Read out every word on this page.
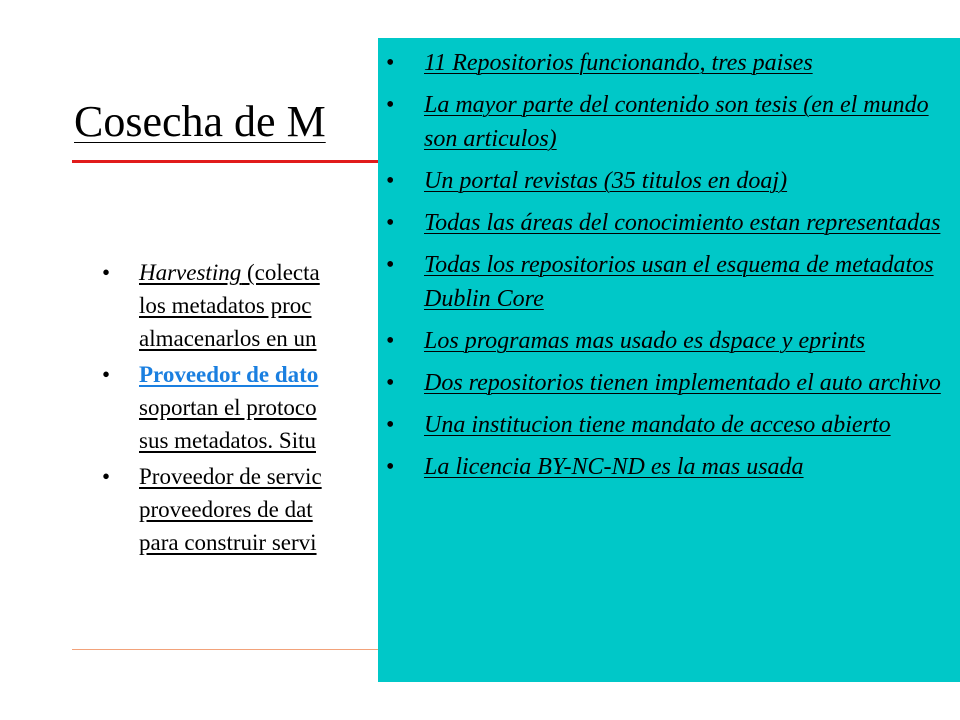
Cosecha de M
• Harvesting (colecta
los metadatos proc
almacenarlos en un
• Proveedor de dato
soportan el protoco
sus metadatos. Situ
• Proveedor de servic
proveedores de dat
para construir servi
• 11 Repositorios funcionando, tres paises
• La mayor parte del contenido son tesis (en el mundo son articulos)
• Un portal revistas (35 titulos en doaj)
• Todas las áreas del conocimiento estan representadas
• Todas los repositorios usan el esquema de metadatos Dublin Core
• Los programas mas usado es dspace y eprints
• Dos repositorios tienen implementado el auto archivo
• Una institucion tiene mandato de acceso abierto
• La licencia BY-NC-ND es la mas usada
